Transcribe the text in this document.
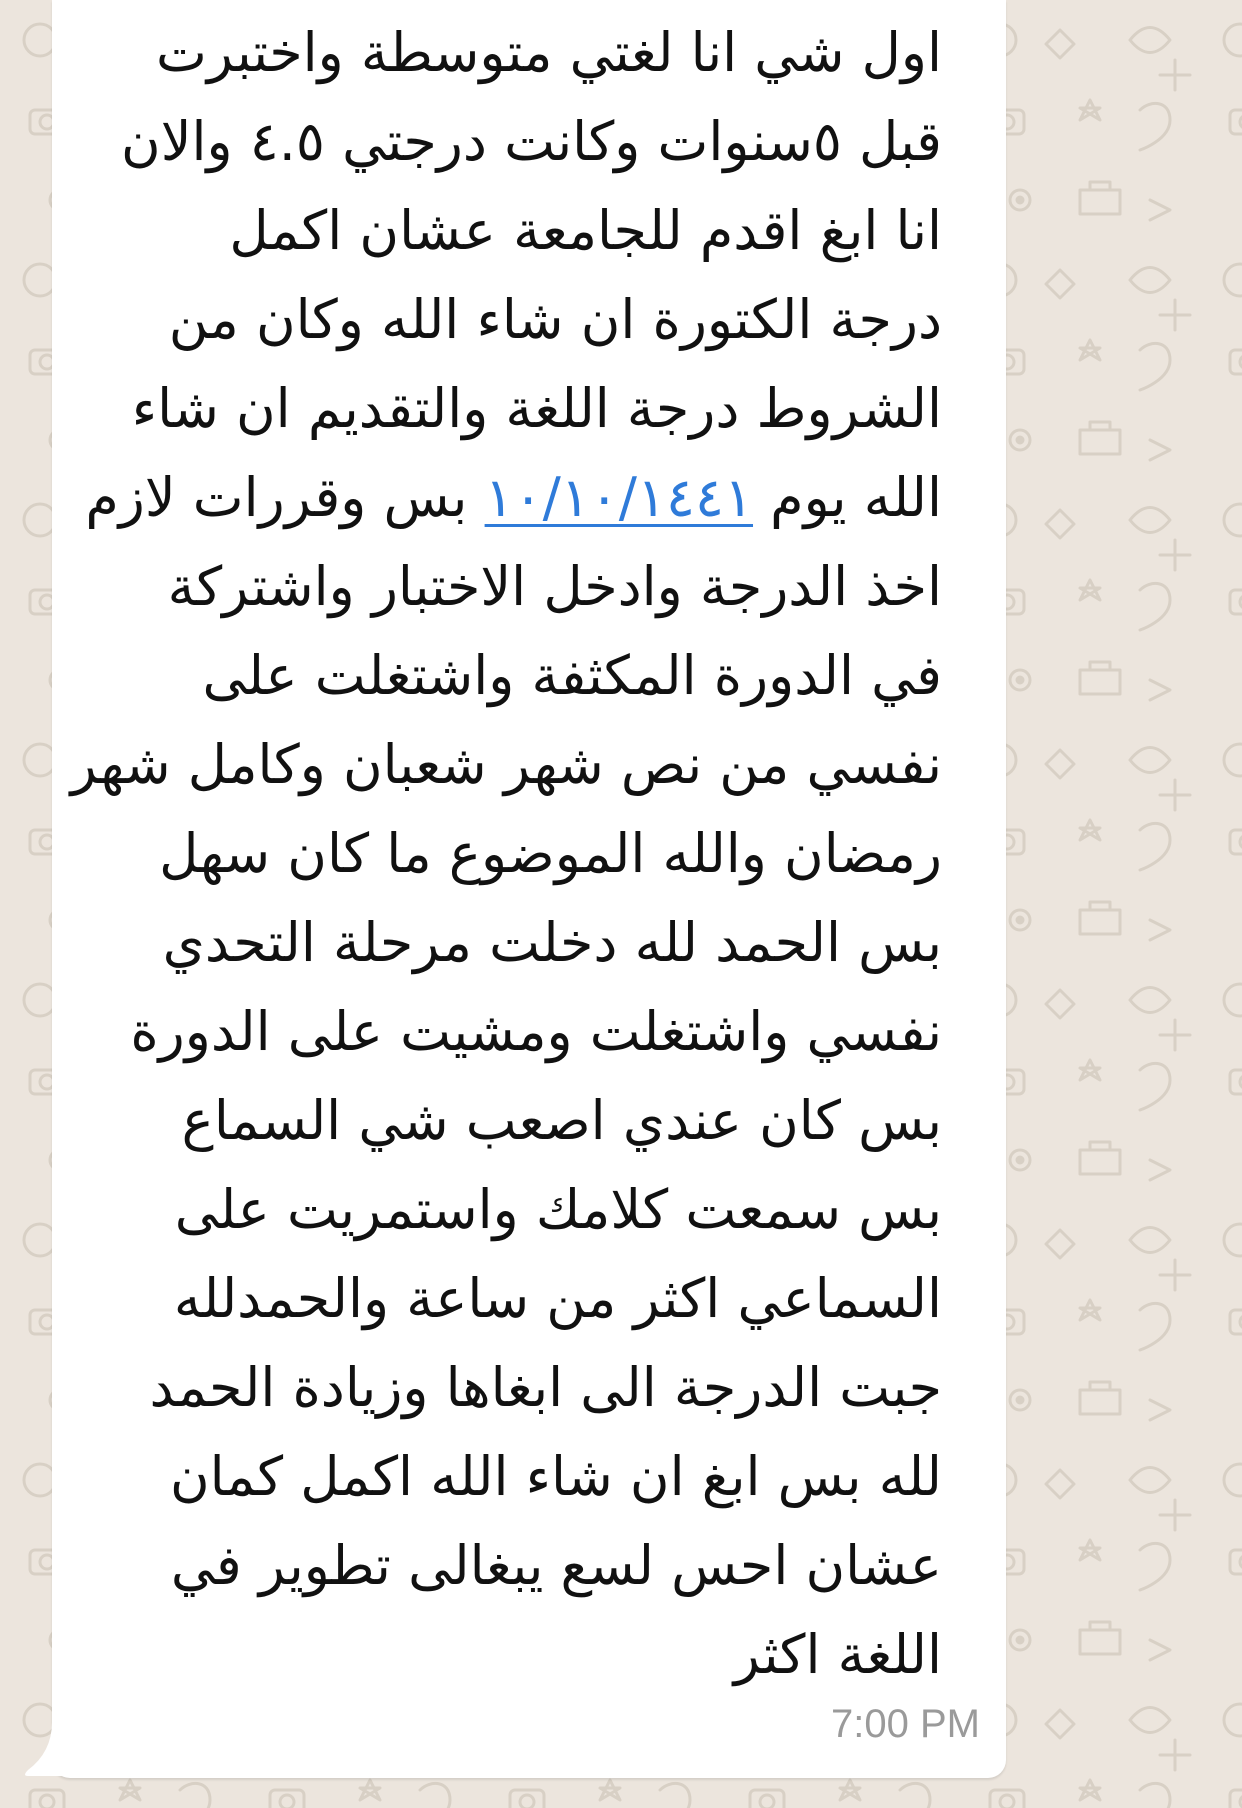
اول شي انا لغتي متوسطة واختبرت
قبل ٥سنوات وكانت درجتي ٤.٥ والان
انا ابغ اقدم للجامعة عشان اكمل
درجة الكتورة ان شاء الله وكان من
الشروط درجة اللغة والتقديم ان شاء
الله يوم ١٠/١٠/١٤٤١ بس وقررات لازم
اخذ الدرجة وادخل الاختبار واشتركة
في الدورة المكثفة واشتغلت على
نفسي من نص شهر شعبان وكامل شهر
رمضان والله الموضوع ما كان سهل
بس الحمد لله دخلت مرحلة التحدي
نفسي واشتغلت ومشيت على الدورة
بس كان عندي اصعب شي السماع
بس سمعت كلامك واستمريت على
السماعي اكثر من ساعة والحمدلله
جبت الدرجة الى ابغاها وزيادة الحمد
لله بس ابغ ان شاء الله اكمل كمان
عشان احس لسع يبغالى تطوير في
اللغة اكثر
7:00 PM
